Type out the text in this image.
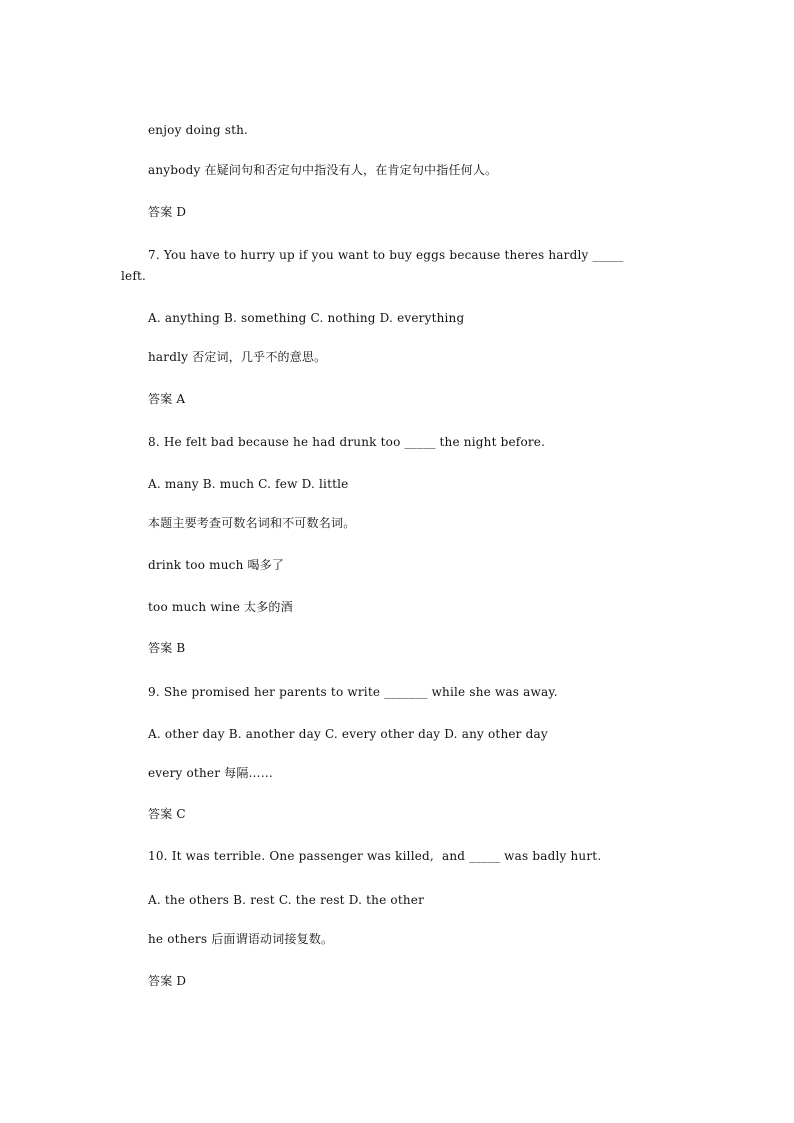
enjoy doing sth.
anybody 在疑问句和否定句中指没有人，在肯定句中指任何人。
答案 D
7. You have to hurry up if you want to buy eggs because theres hardly _____
left.
A. anything B. something C. nothing D. everything
hardly 否定词，几乎不的意思。
答案 A
8. He felt bad because he had drunk too _____ the night before.
A. many B. much C. few D. little
本题主要考查可数名词和不可数名词。
drink too much 喝多了
too much wine 太多的酒
答案 B
9. She promised her parents to write _______ while she was away.
A. other day B. another day C. every other day D. any other day
every other 每隔……
答案 C
10. It was terrible. One passenger was killed,  and _____ was badly hurt.
A. the others B. rest C. the rest D. the other
he others 后面谓语动词接复数。
答案 D
